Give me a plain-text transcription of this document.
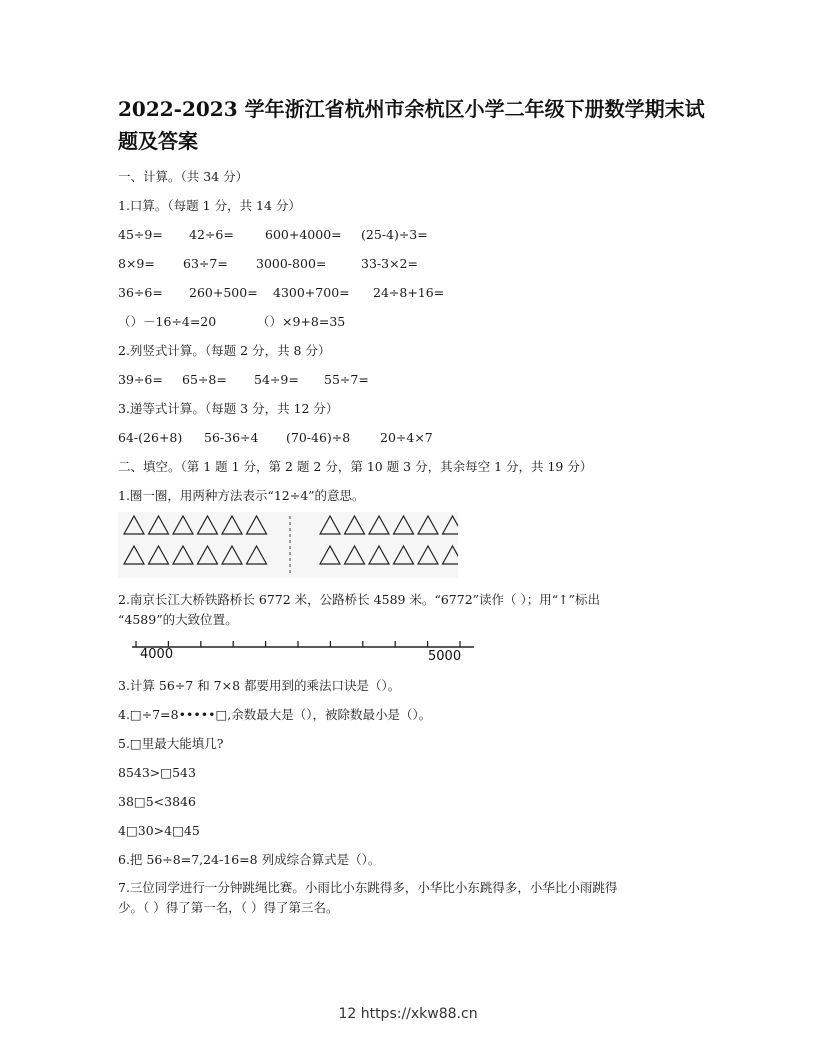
2022-2023 学年浙江省杭州市余杭区小学二年级下册数学期末试题及答案
一、计算。（共 34 分）
1.口算。（每题 1 分，共 14 分）
45÷9= 42÷6= 600+4000= (25-4)÷3=
8×9= 63÷7= 3000-800=	33-3×2=
36÷6= 260+500= 4300+700= 24÷8+16=
（）－16÷4=20	（）×9+8=35
2.列竖式计算。（每题 2 分，共 8 分）
39÷6= 65÷8= 54÷9= 55÷7=
3.递等式计算。（每题 3 分，共 12 分）
64-(26+8) 56-36÷4 (70-46)÷8 20÷4×7
二、填空。（第 1 题 1 分，第 2 题 2 分，第 10 题 3 分，其余每空 1 分，共 19 分）
1.圈一圈，用两种方法表示“12÷4”的意思。
2.南京长江大桥铁路桥长 6772 米，公路桥长 4589 米。“6772”读作（ ）；用“↑”标出
“4589”的大致位置。
4000	5000
3.计算 56÷7 和 7×8 都要用到的乘法口诀是（）。
4.□÷7=8•••••□,余数最大是（），被除数最小是（）。
5.□里最大能填几?
8543>□543
38□5<3846
4□30>4□45
6.把 56÷8=7,24-16=8 列成综合算式是（）。
7.三位同学进行一分钟跳绳比赛。小雨比小东跳得多，小华比小东跳得多，小华比小雨跳得
少。（ ）得了第一名，（ ）得了第三名。
12 https://xkw88.cn
